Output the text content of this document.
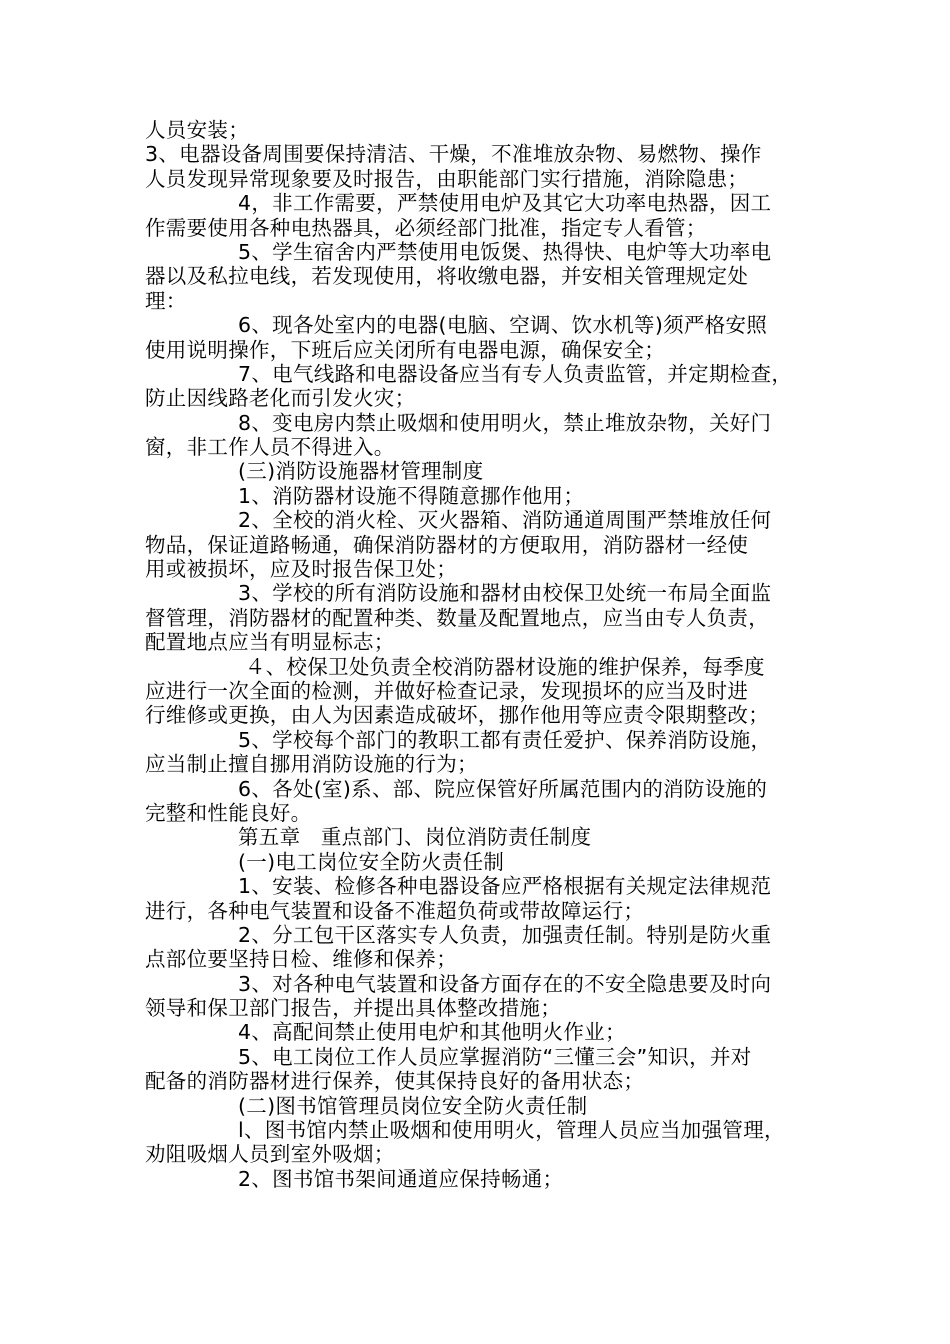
人员安装；
3、电器设备周围要保持清洁、干燥，不准堆放杂物、易燃物、操作
人员发现异常现象要及时报告，由职能部门实行措施，消除隐患；
4，非工作需要，严禁使用电炉及其它大功率电热器，因工
作需要使用各种电热器具，必须经部门批准，指定专人看管；
5、学生宿舍内严禁使用电饭煲、热得快、电炉等大功率电
器以及私拉电线，若发现使用，将收缴电器，并安相关管理规定处
理：
6、现各处室内的电器(电脑、空调、饮水机等)须严格安照
使用说明操作，下班后应关闭所有电器电源，确保安全；
7、电气线路和电器设备应当有专人负责监管，并定期检查，
防止因线路老化而引发火灾；
8、变电房内禁止吸烟和使用明火，禁止堆放杂物，关好门
窗，非工作人员不得进入。
(三)消防设施器材管理制度
1、消防器材设施不得随意挪作他用；
2、全校的消火栓、灭火器箱、消防通道周围严禁堆放任何
物品，保证道路畅通，确保消防器材的方便取用，消防器材一经使
用或被损坏，应及时报告保卫处；
3、学校的所有消防设施和器材由校保卫处统一布局全面监
督管理，消防器材的配置种类、数量及配置地点，应当由专人负责，
配置地点应当有明显标志；
４、校保卫处负责全校消防器材设施的维护保养，每季度
应进行一次全面的检测，并做好检查记录，发现损坏的应当及时进
行维修或更换，由人为因素造成破坏，挪作他用等应责令限期整改；
5、学校每个部门的教职工都有责任爱护、保养消防设施，
应当制止擅自挪用消防设施的行为；
6、各处(室)系、部、院应保管好所属范围内的消防设施的
完整和性能良好。
第五章   重点部门、岗位消防责任制度
(一)电工岗位安全防火责任制
1、安装、检修各种电器设备应严格根据有关规定法律规范
进行，各种电气装置和设备不准超负荷或带故障运行；
2、分工包干区落实专人负责，加强责任制。特别是防火重
点部位要坚持日检、维修和保养；
3、对各种电气装置和设备方面存在的不安全隐患要及时向
领导和保卫部门报告，并提出具体整改措施；
4、高配间禁止使用电炉和其他明火作业；
5、电工岗位工作人员应掌握消防“三懂三会”知识，并对
配备的消防器材进行保养，使其保持良好的备用状态；
(二)图书馆管理员岗位安全防火责任制
l、图书馆内禁止吸烟和使用明火，管理人员应当加强管理，
劝阻吸烟人员到室外吸烟；
2、图书馆书架间通道应保持畅通；
